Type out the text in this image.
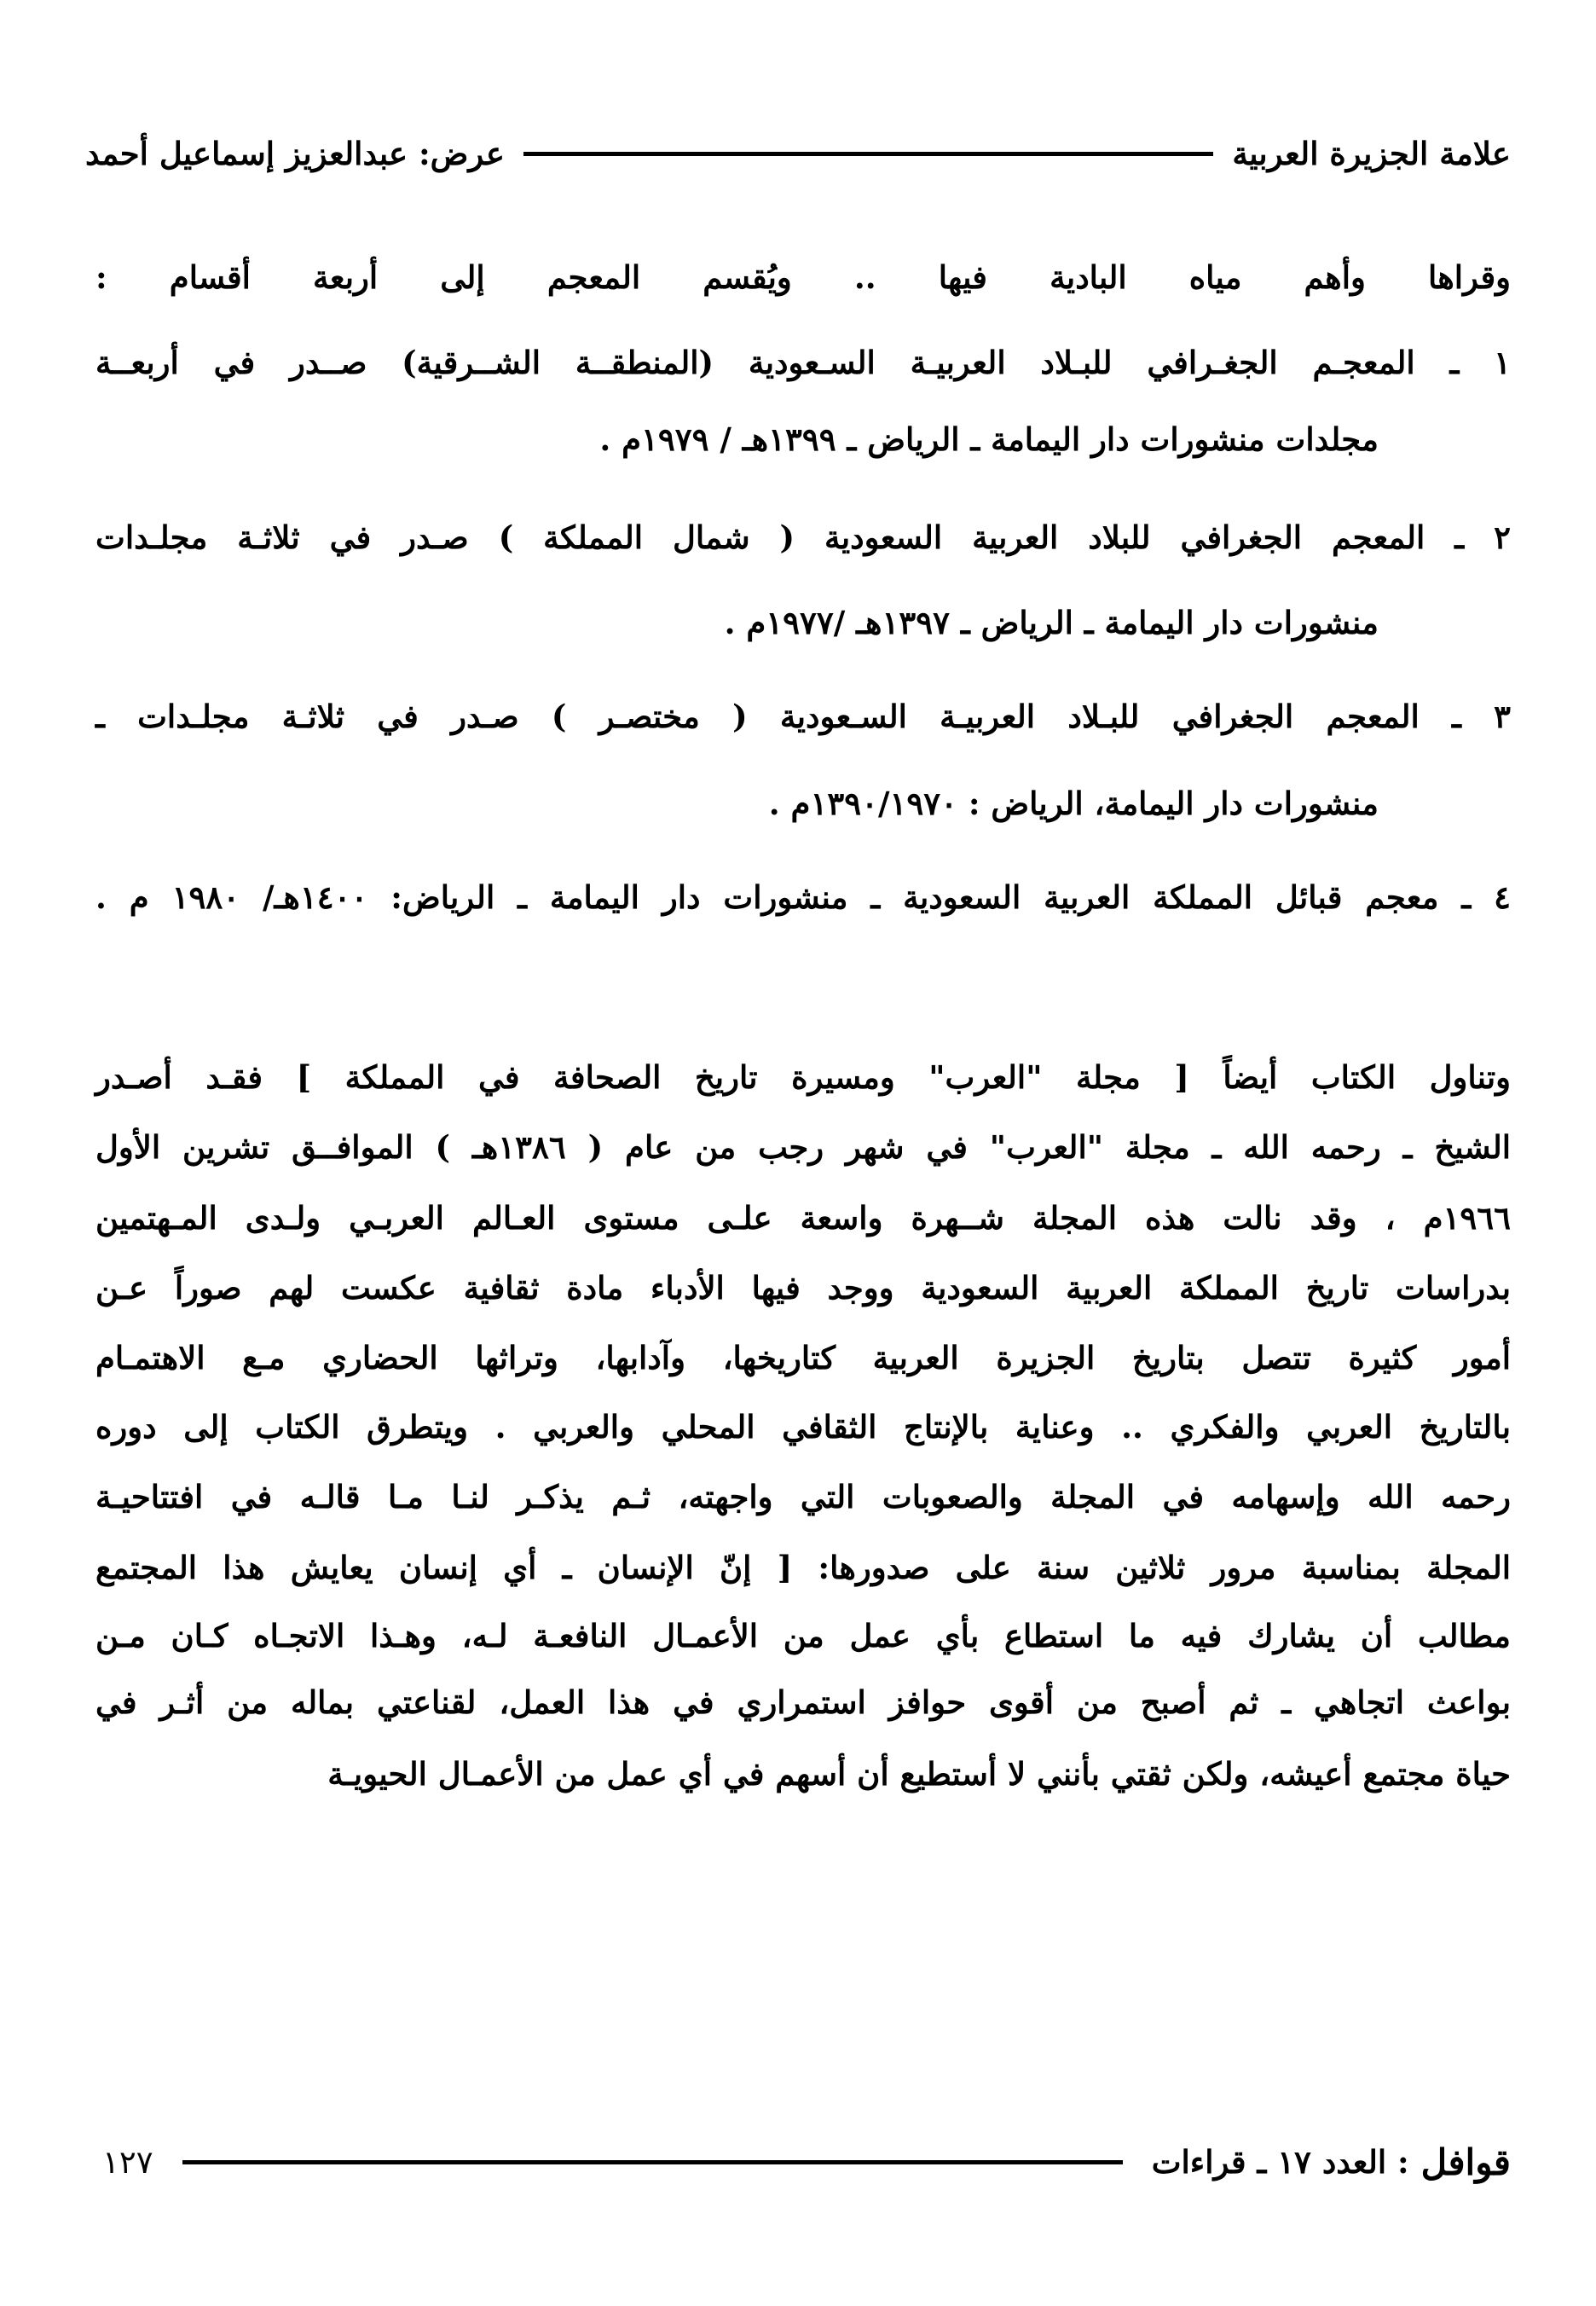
علامة الجزيرة العربية
عرض: عبدالعزيز إسماعيل أحمد
وقراها وأهم مياه البادية فيها .. ويُقسم المعجم إلى أربعة أقسام :
١ ـ المعجـم الجغـرافي للبـلاد العربيـة السـعودية (المنطقــة الشــرقية) صــدر في أربعــة
مجلدات منشورات دار اليمامة ـ الرياض ـ ١٣٩٩هـ / ١٩٧٩م .
٢ ـ المعجم الجغرافي للبلاد العربية السعودية ( شمال المملكة ) صـدر في ثلاثـة مجلـدات
منشورات دار اليمامة ـ الرياض ـ ١٣٩٧هـ /١٩٧٧م .
٣ ـ المعجم الجغرافي للبـلاد العربيـة السـعودية ( مختصـر ) صـدر في ثلاثـة مجلـدات ـ
منشورات دار اليمامة، الرياض : ١٣٩٠/١٩٧٠م .
٤ ـ معجم قبائل المملكة العربية السعودية ـ منشورات دار اليمامة ـ الرياض: ١٤٠٠هـ/ ١٩٨٠ م .
وتناول الكتاب أيضاً [ مجلة "العرب" ومسيرة تاريخ الصحافة في المملكة ] فقـد أصـدر
الشيخ ـ رحمه الله ـ مجلة "العرب" في شهر رجب من عام ( ١٣٨٦هـ ) الموافــق تشرين الأول
١٩٦٦م ، وقد نالت هذه المجلة شــهرة واسعة علـى مستوى العـالم العربـي ولـدى المـهتمين
بدراسات تاريخ المملكة العربية السعودية ووجد فيها الأدباء مادة ثقافية عكست لهم صوراً عـن
أمور كثيرة تتصل بتاريخ الجزيرة العربية كتاريخها، وآدابها، وتراثها الحضاري مـع الاهتمـام
بالتاريخ العربي والفكري .. وعناية بالإنتاج الثقافي المحلي والعربي . ويتطرق الكتاب إلى دوره
رحمه الله وإسهامه في المجلة والصعوبات التي واجهته، ثـم يذكـر لنـا مـا قالـه في افتتاحيـة
المجلة بمناسبة مرور ثلاثين سنة على صدورها: [ إنّ الإنسان ـ أي إنسان يعايش هذا المجتمع
مطالب أن يشارك فيه ما استطاع بأي عمل من الأعمـال النافعـة لـه، وهـذا الاتجـاه كـان مـن
بواعث اتجاهي ـ ثم أصبح من أقوى حوافز استمراري في هذا العمل، لقناعتي بماله من أثـر في
حياة مجتمع أعيشه، ولكن ثقتي بأنني لا أستطيع أن أسهم في أي عمل من الأعمـال الحيويـة
قوافل
: العدد ١٧ ـ قراءات
١٢٧
